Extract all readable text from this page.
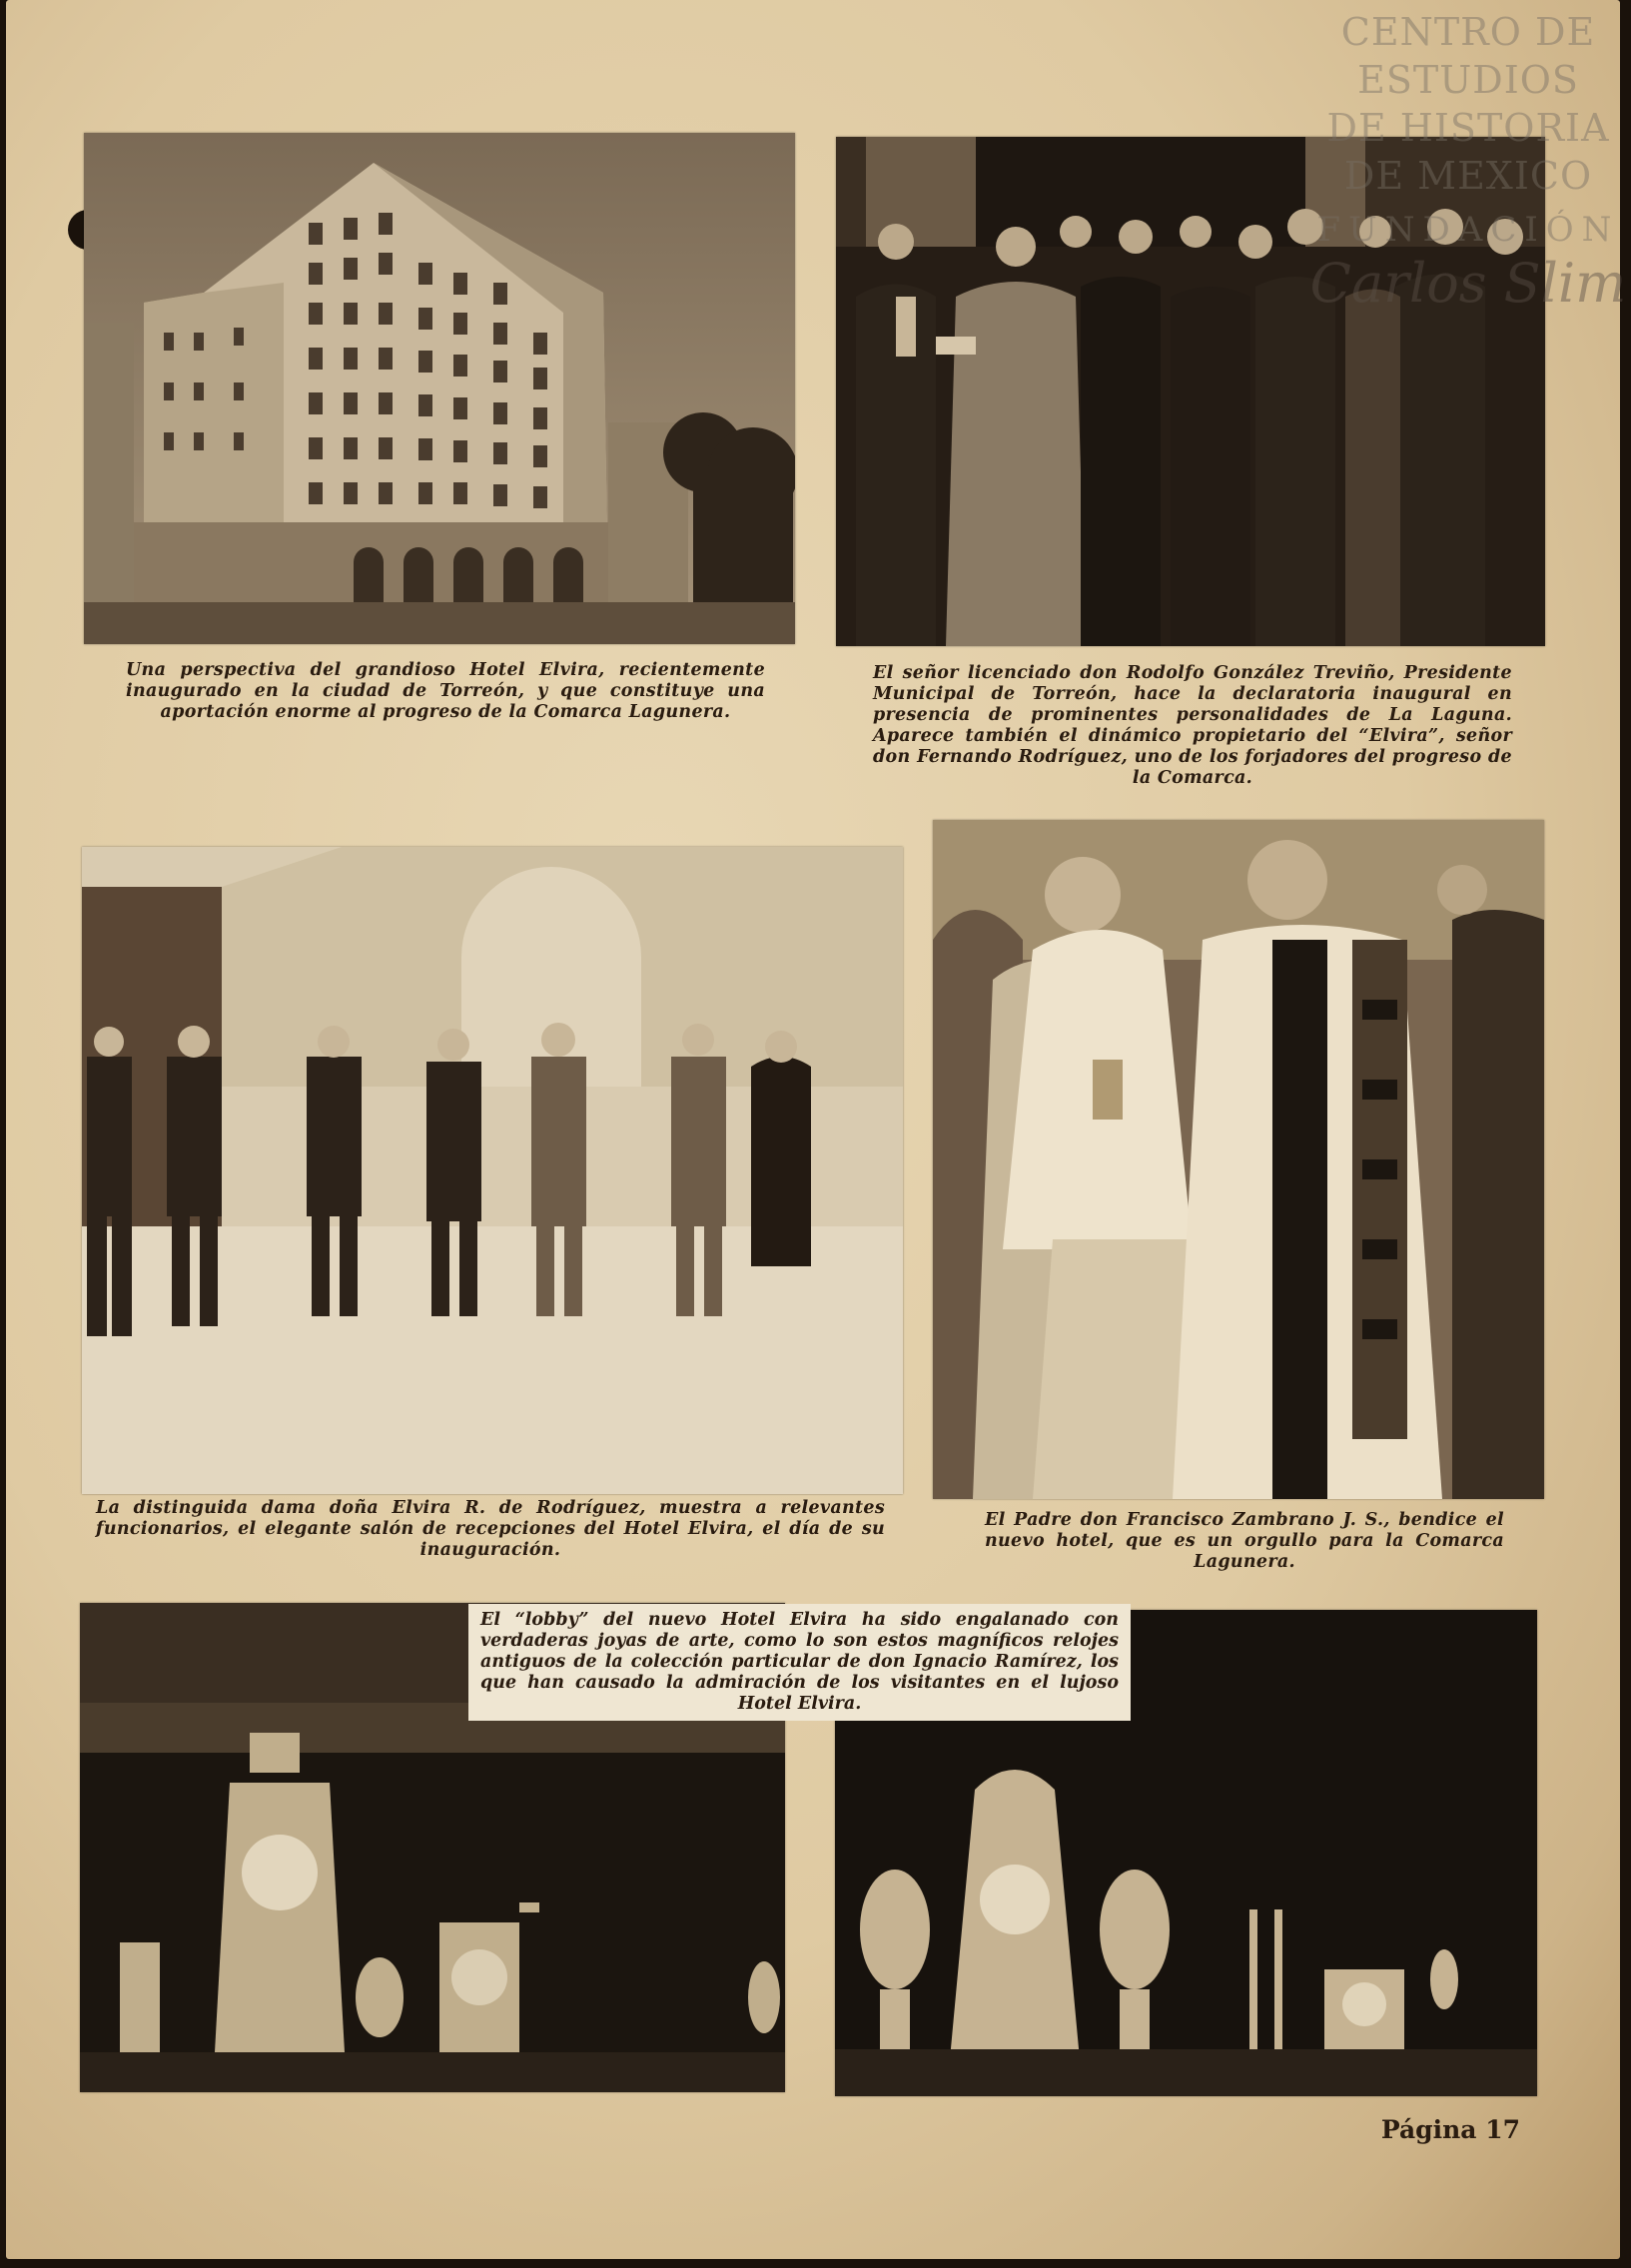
Una perspectiva del grandioso Hotel Elvira, recientemente inaugurado en la ciudad de Torreón, y que constituye una aportación enorme al progreso de la Comarca Lagunera.
El señor licenciado don Rodolfo González Treviño, Presidente Municipal de Torreón, hace la declaratoria inaugural en presencia de prominentes personalidades de La Laguna. Aparece también el dinámico propietario del “Elvira”, señor don Fernando Rodríguez, uno de los forjadores del progreso de la Comarca.
La distinguida dama doña Elvira R. de Rodríguez, muestra a relevantes funcionarios, el elegante salón de recepciones del Hotel Elvira, el día de su inauguración.
El Padre don Francisco Zambrano J. S., bendice el nuevo hotel, que es un orgullo para la Comarca Lagunera.
El “lobby” del nuevo Hotel Elvira ha sido engalanado con verdaderas joyas de arte, como lo son estos magníficos relojes antiguos de la colección particular de don Ignacio Ramírez, los que han causado la admiración de los visitantes en el lujoso Hotel Elvira.
Página 17
CENTRO DE
ESTUDIOS
DE HISTORIA
DE MEXICO
FUNDACIÓN
Carlos Slim
